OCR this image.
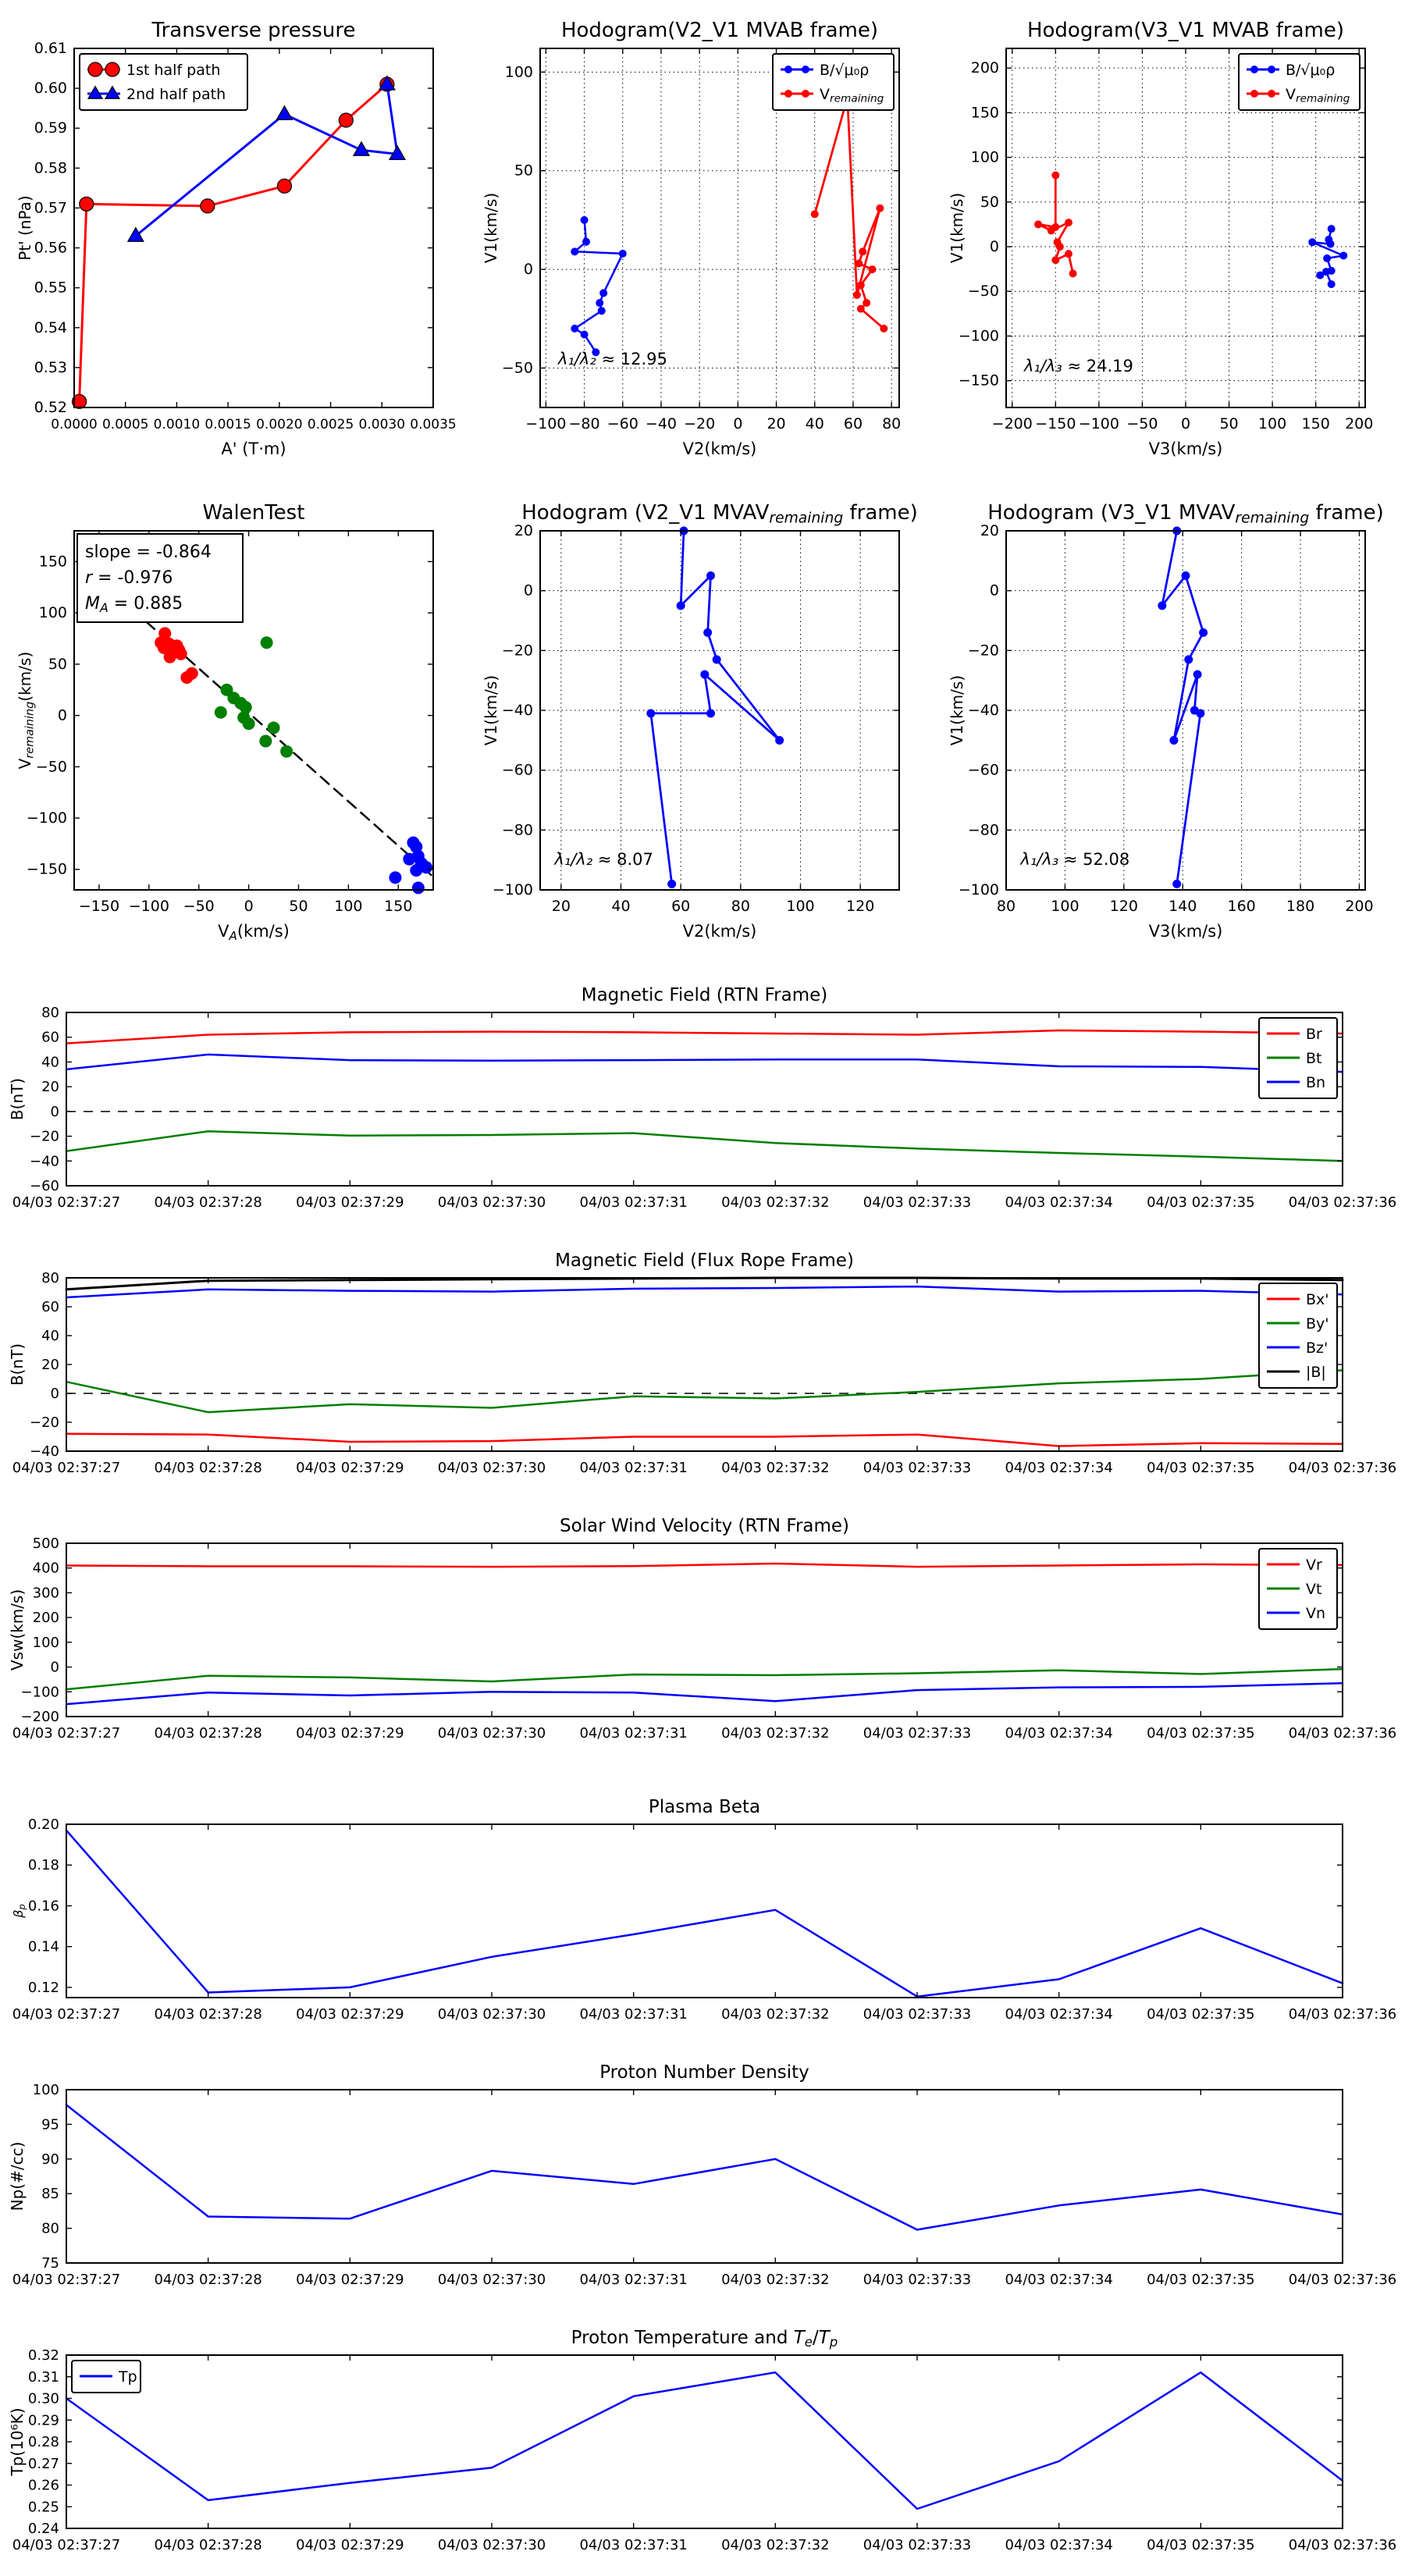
0.0000 0.0005 0.0010 0.0015 0.0020 0.0025 0.0030 0.0035
0.52
0.53
0.54
0.55
0.56
0.57
0.58
0.59
0.60
0.61
Transverse pressure
A' (T·m)
Pt' (nPa)
1st half path
2nd half path
−100 −80 −60 −40 −20 0 20 40 60 80
−50
0
50
100
Hodogram(V2_V1 MVAB frame)
V2(km/s)
V1(km/s)
λ₁/λ₂ ≈ 12.95
B/√μ₀ρ
Vremaining
−200 −150 −100 −50 0 50 100 150 200
−150
−100
−50
0
50
100
150
200
Hodogram(V3_V1 MVAB frame)
V3(km/s)
V1(km/s)
λ₁/λ₃ ≈ 24.19
B/√μ₀ρ
Vremaining
−150 −100 −50 0 50 100 150
−150
−100
−50
0
50
100
150
WalenTest
VA(km/s)
Vremaining(km/s)
slope = -0.864
r = -0.976
MA = 0.885
20	40	60	80 100 120
−100
−80
−60
−40
−20
0
20
Hodogram (V2_V1 MVAVremaining frame)
V2(km/s)
V1(km/s)
λ₁/λ₂ ≈ 8.07
80 100 120 140 160 180 200
−100
−80
−60
−40
−20
0
20
Hodogram (V3_V1 MVAVremaining frame)
V3(km/s)
V1(km/s)
λ₁/λ₃ ≈ 52.08
04/03 02:37:27 04/03 02:37:28 04/03 02:37:29 04/03 02:37:30 04/03 02:37:31 04/03 02:37:32 04/03 02:37:33 04/03 02:37:34 04/03 02:37:35 04/03 02:37:36
−60
−40
−20
0
20
40
60
80
Magnetic Field (RTN Frame)
B(nT)
Br
Bt
Bn
04/03 02:37:27 04/03 02:37:28 04/03 02:37:29 04/03 02:37:30 04/03 02:37:31 04/03 02:37:32 04/03 02:37:33 04/03 02:37:34 04/03 02:37:35 04/03 02:37:36
−40
−20
0
20
40
60
80
Magnetic Field (Flux Rope Frame)
B(nT)
Bx'
By'
Bz'
|B|
04/03 02:37:27 04/03 02:37:28 04/03 02:37:29 04/03 02:37:30 04/03 02:37:31 04/03 02:37:32 04/03 02:37:33 04/03 02:37:34 04/03 02:37:35 04/03 02:37:36
−200
−100
0
100
200
300
400
500
Solar Wind Velocity (RTN Frame)
Vsw(km/s)
Vr
Vt
Vn
04/03 02:37:27 04/03 02:37:28 04/03 02:37:29 04/03 02:37:30 04/03 02:37:31 04/03 02:37:32 04/03 02:37:33 04/03 02:37:34 04/03 02:37:35 04/03 02:37:36
0.12
0.14
0.16
0.18
0.20
Plasma Beta
βp
04/03 02:37:27 04/03 02:37:28 04/03 02:37:29 04/03 02:37:30 04/03 02:37:31 04/03 02:37:32 04/03 02:37:33 04/03 02:37:34 04/03 02:37:35 04/03 02:37:36
75
80
85
90
95
100
Proton Number Density
Np(#/cc)
04/03 02:37:27 04/03 02:37:28 04/03 02:37:29 04/03 02:37:30 04/03 02:37:31 04/03 02:37:32 04/03 02:37:33 04/03 02:37:34 04/03 02:37:35 04/03 02:37:36
0.24
0.25
0.26
0.27
0.28
0.29
0.30
0.31
0.32
Proton Temperature and Te/Tp
Tp(10⁶K)
Tp
